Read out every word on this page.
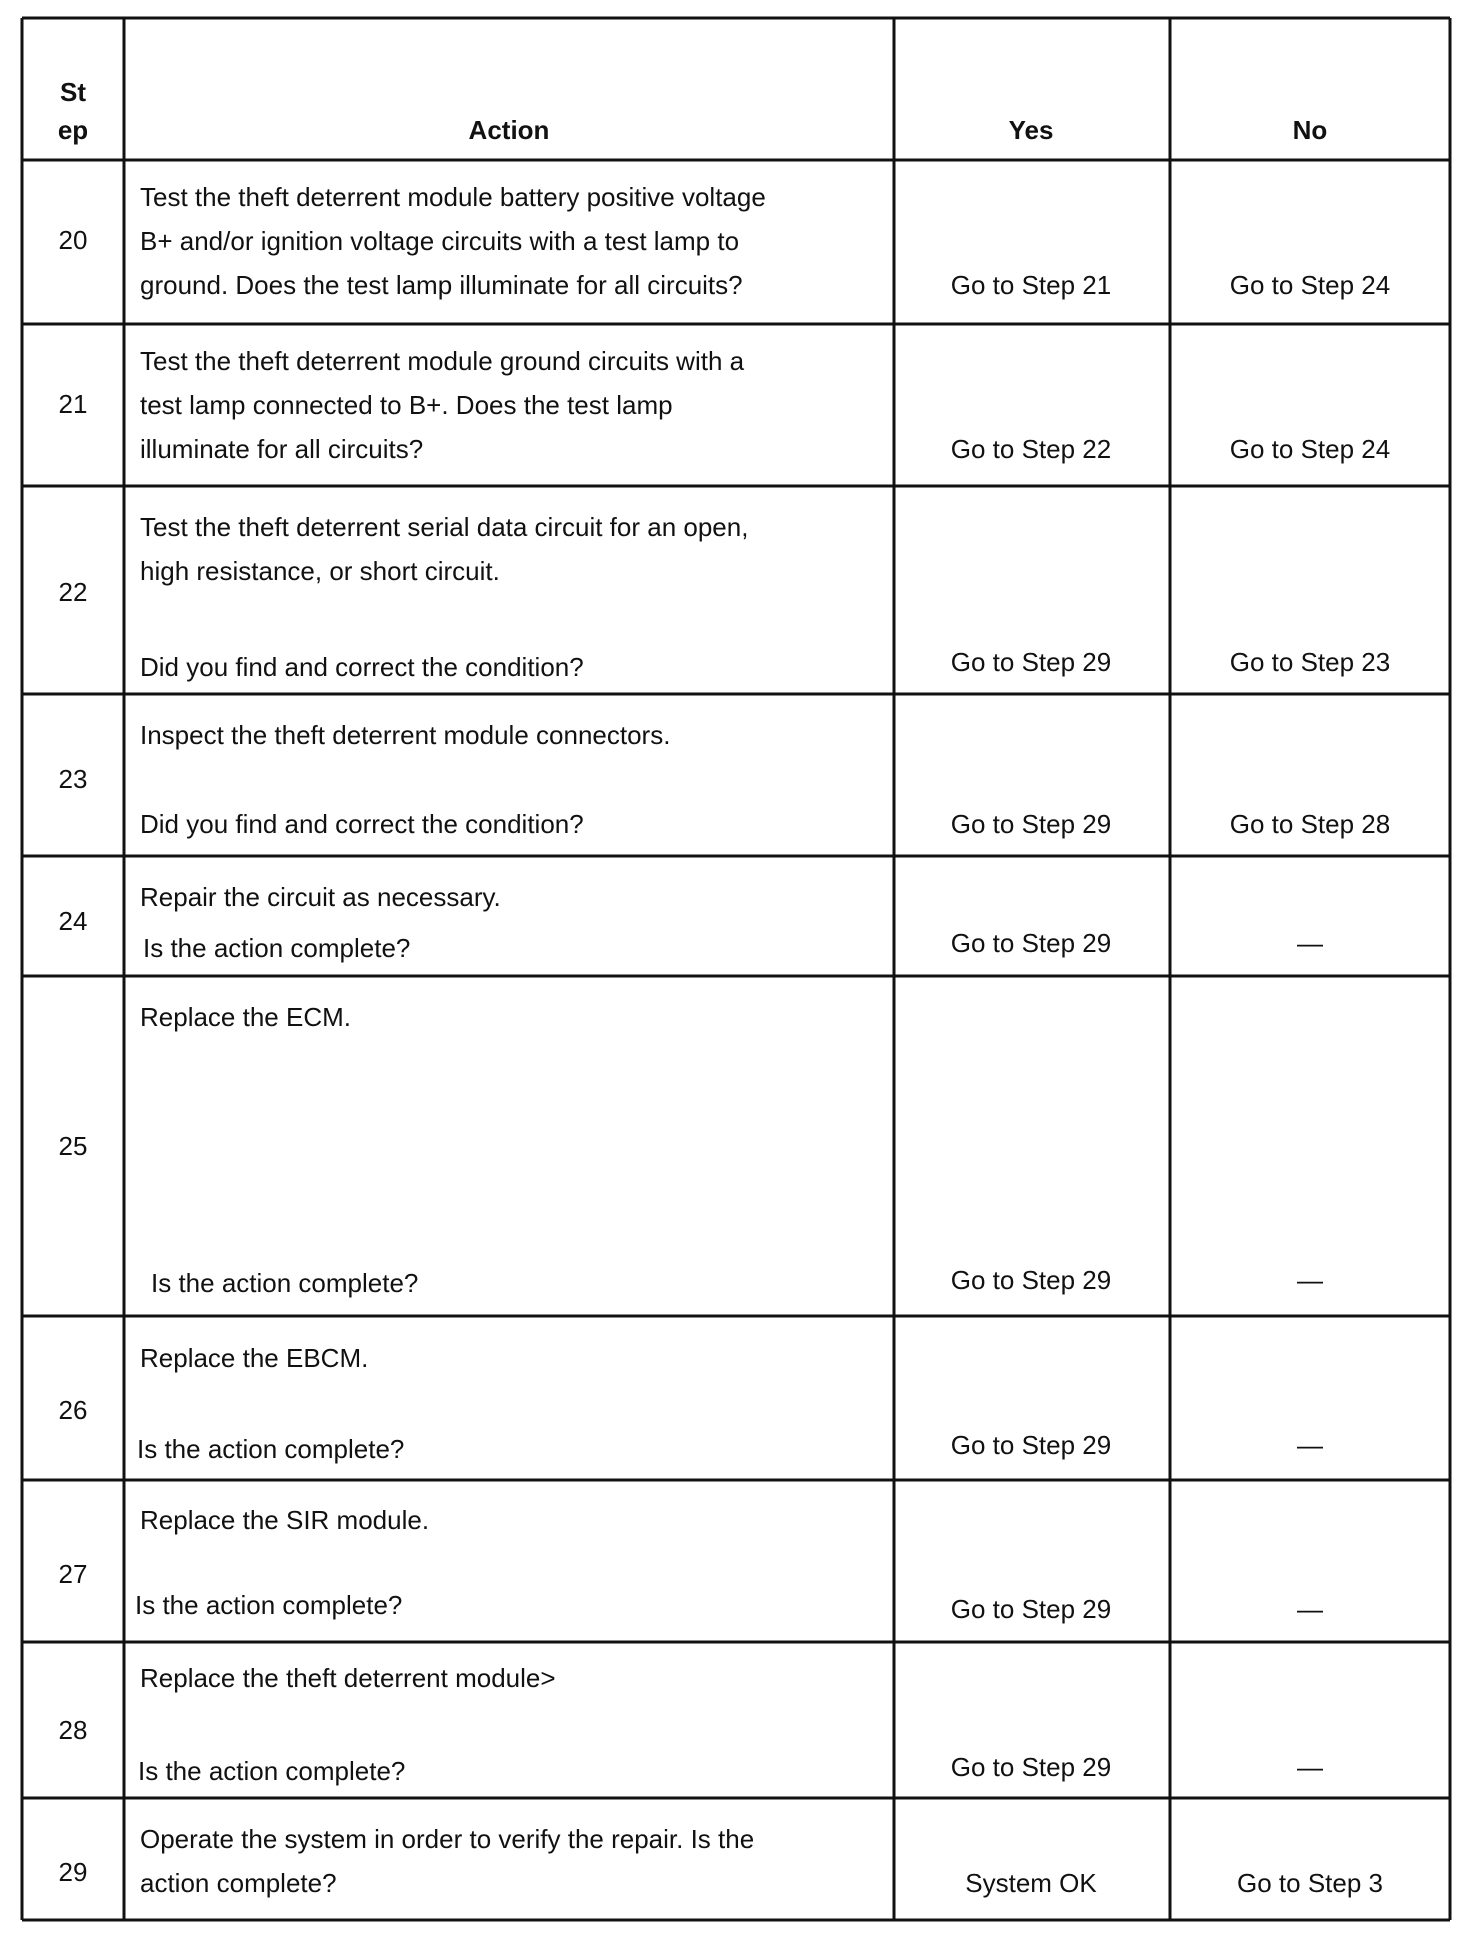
St
ep	Action	Yes	No
20
Test the theft deterrent module battery positive voltage
B+ and/or ignition voltage circuits with a test lamp to
ground. Does the test lamp illuminate for all circuits?	Go to Step 21	Go to Step 24
21
Test the theft deterrent module ground circuits with a
test lamp connected to B+. Does the test lamp
illuminate for all circuits?	Go to Step 22	Go to Step 24
22
Test the theft deterrent serial data circuit for an open,
high resistance, or short circuit.
Did you find and correct the condition?	Go to Step 29	Go to Step 23
23
Inspect the theft deterrent module connectors.
Did you find and correct the condition?	Go to Step 29	Go to Step 28
24
Repair the circuit as necessary.
Is the action complete?	Go to Step 29	—
25
Replace the ECM.
Is the action complete?	Go to Step 29	—
26
Replace the EBCM.
Is the action complete?	Go to Step 29	—
27
Replace the SIR module.
Is the action complete?	Go to Step 29	—
28
Replace the theft deterrent module>
Is the action complete?	Go to Step 29	—
29
Operate the system in order to verify the repair. Is the
action complete?	System OK	Go to Step 3
